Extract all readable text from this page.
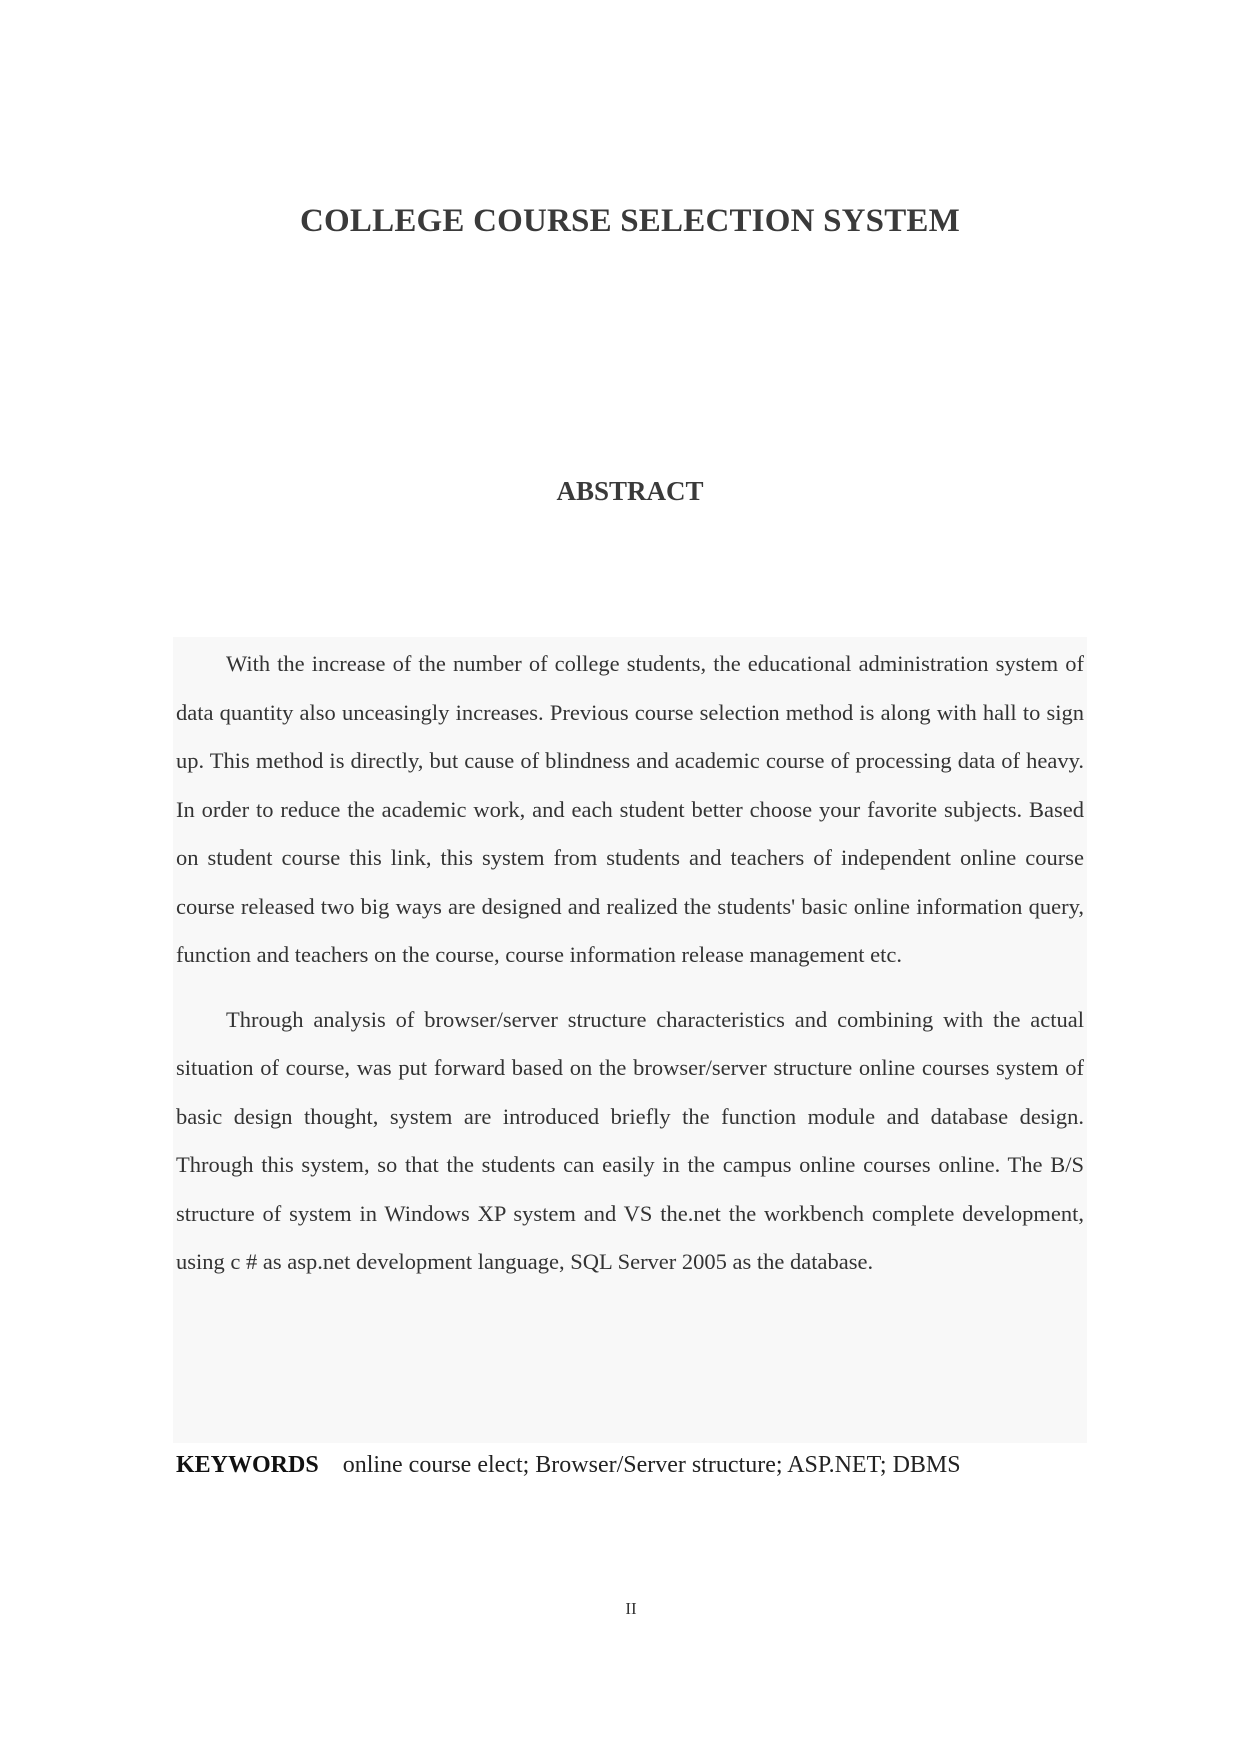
COLLEGE COURSE SELECTION SYSTEM
ABSTRACT

With the increase of the number of college students, the educational administration system of data quantity also unceasingly increases. Previous course selection method is along with hall to sign up. This method is directly, but cause of blindness and academic course of processing data of heavy. In order to reduce the academic work, and each student better choose your favorite subjects. Based on student course this link, this system from students and teachers of independent online course course released two big ways are designed and realized the students' basic online information query, function and teachers on the course, course information release management etc.

Through analysis of browser/server structure characteristics and combining with the actual situation of course, was put forward based on the browser/server structure online courses system of basic design thought, system are introduced briefly the function module and database design. Through this system, so that the students can easily in the campus online courses online. The B/S structure of system in Windows XP system and VS the.net the workbench complete development, using c # as asp.net development language, SQL Server 2005 as the database.

KEYWORDS online course elect; Browser/Server structure; ASP.NET; DBMS
II
